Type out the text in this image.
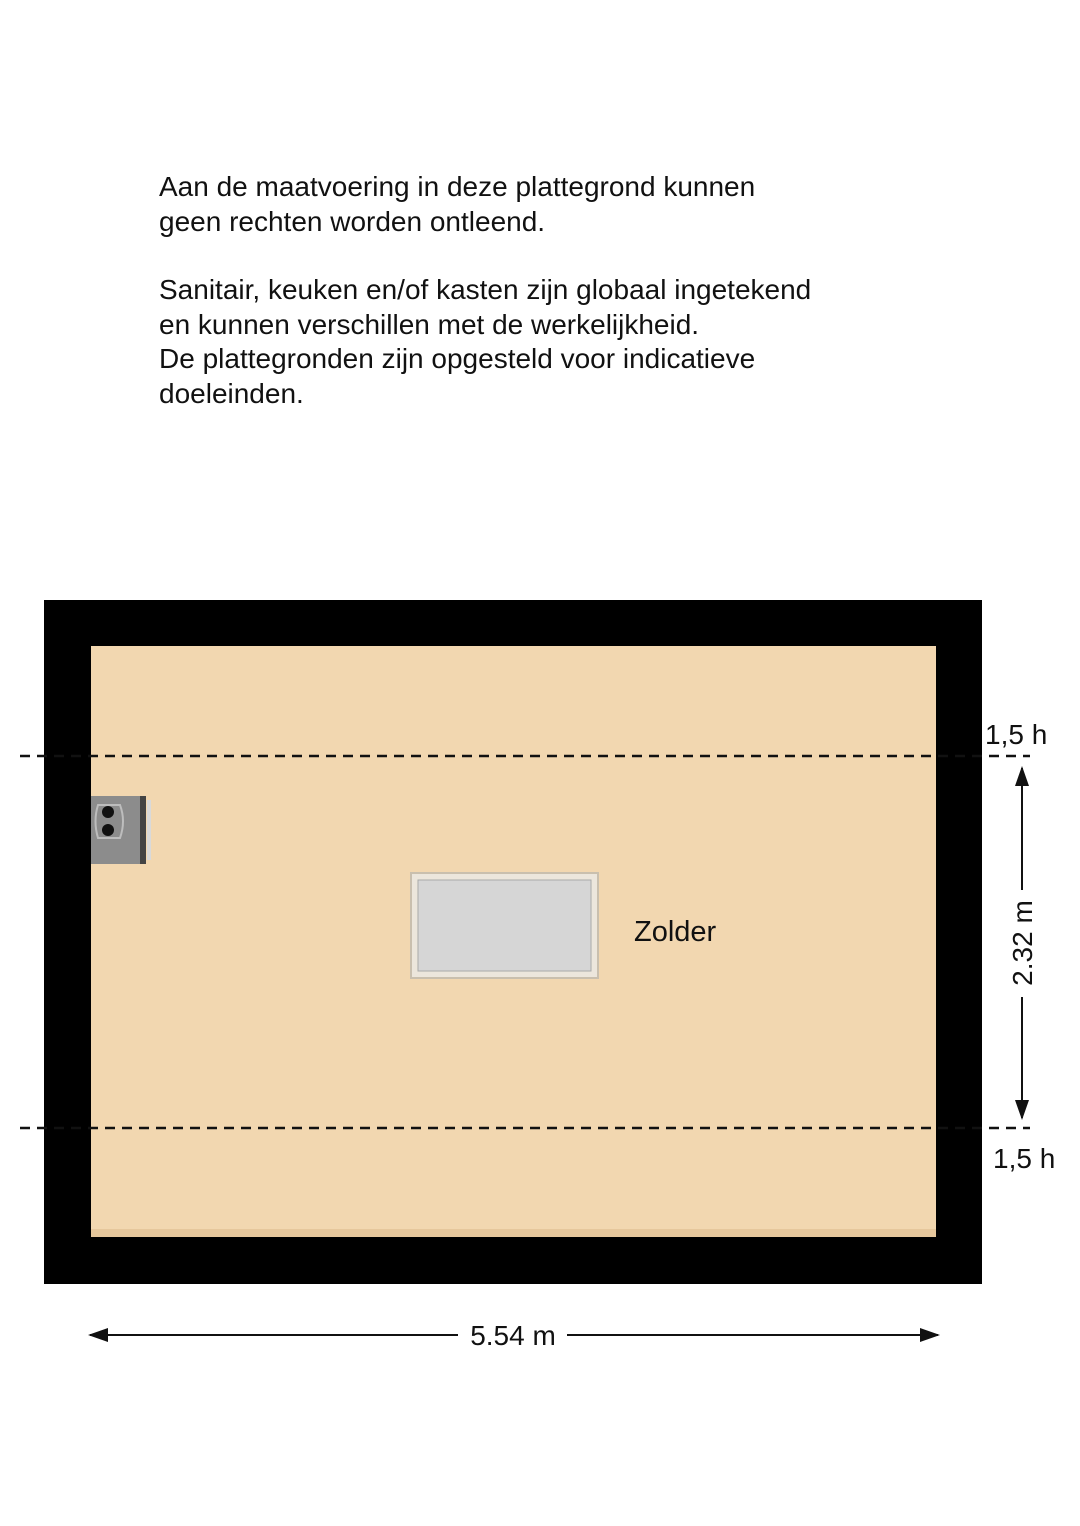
Aan de maatvoering in deze plattegrond kunnen

geen rechten worden ontleend.

Sanitair, keuken en/of kasten zijn globaal ingetekend

en kunnen verschillen met de werkelijkheid.

De plattegronden zijn opgesteld voor indicatieve

doeleinden.

Zolder
1,5 h
1,5 h
2.32 m
5.54 m
